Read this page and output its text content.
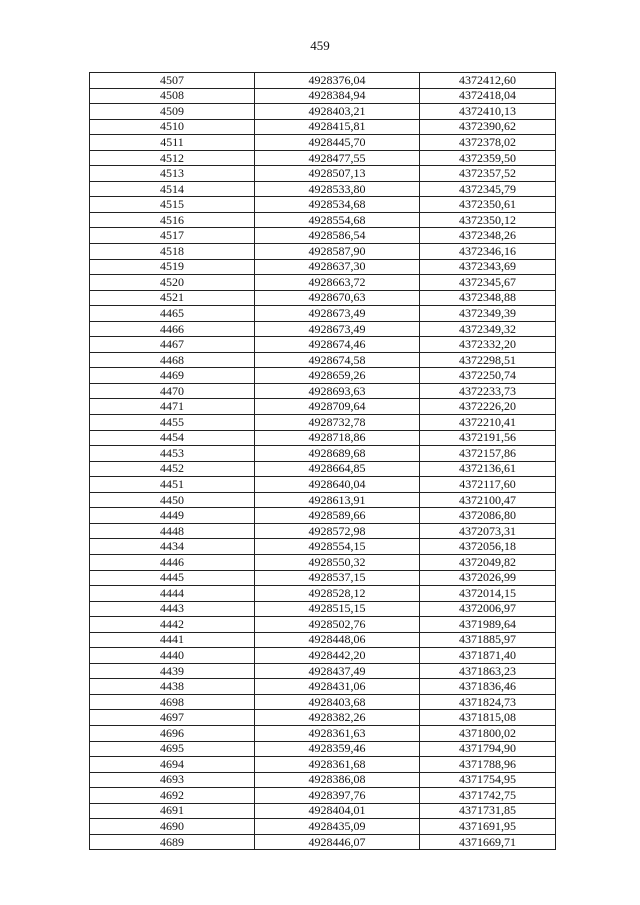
459
4507	4928376,04	4372412,60
4508	4928384,94	4372418,04
4509	4928403,21	4372410,13
4510	4928415,81	4372390,62
4511	4928445,70	4372378,02
4512	4928477,55	4372359,50
4513	4928507,13	4372357,52
4514	4928533,80	4372345,79
4515	4928534,68	4372350,61
4516	4928554,68	4372350,12
4517	4928586,54	4372348,26
4518	4928587,90	4372346,16
4519	4928637,30	4372343,69
4520	4928663,72	4372345,67
4521	4928670,63	4372348,88
4465	4928673,49	4372349,39
4466	4928673,49	4372349,32
4467	4928674,46	4372332,20
4468	4928674,58	4372298,51
4469	4928659,26	4372250,74
4470	4928693,63	4372233,73
4471	4928709,64	4372226,20
4455	4928732,78	4372210,41
4454	4928718,86	4372191,56
4453	4928689,68	4372157,86
4452	4928664,85	4372136,61
4451	4928640,04	4372117,60
4450	4928613,91	4372100,47
4449	4928589,66	4372086,80
4448	4928572,98	4372073,31
4434	4928554,15	4372056,18
4446	4928550,32	4372049,82
4445	4928537,15	4372026,99
4444	4928528,12	4372014,15
4443	4928515,15	4372006,97
4442	4928502,76	4371989,64
4441	4928448,06	4371885,97
4440	4928442,20	4371871,40
4439	4928437,49	4371863,23
4438	4928431,06	4371836,46
4698	4928403,68	4371824,73
4697	4928382,26	4371815,08
4696	4928361,63	4371800,02
4695	4928359,46	4371794,90
4694	4928361,68	4371788,96
4693	4928386,08	4371754,95
4692	4928397,76	4371742,75
4691	4928404,01	4371731,85
4690	4928435,09	4371691,95
4689	4928446,07	4371669,71
